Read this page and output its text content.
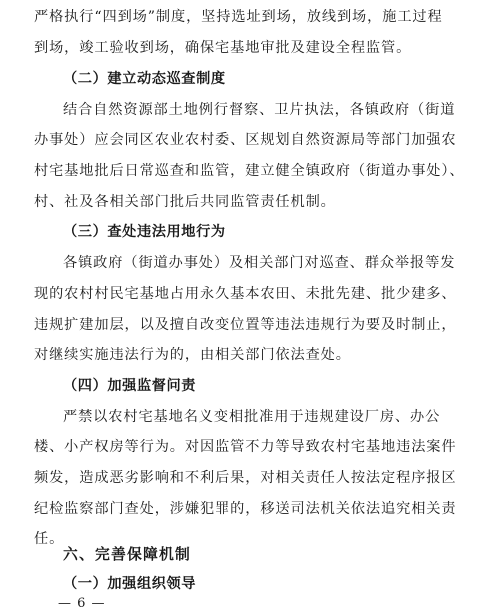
严格执行“四到场”制度，坚持选址到场，放线到场，施工过程
到场，竣工验收到场，确保宅基地审批及建设全程监管。
（二）建立动态巡查制度
结合自然资源部土地例行督察、卫片执法，各镇政府（街道
办事处）应会同区农业农村委、区规划自然资源局等部门加强农
村宅基地批后日常巡查和监管，建立健全镇政府（街道办事处）、
村、社及各相关部门批后共同监管责任机制。
（三）查处违法用地行为
各镇政府（街道办事处）及相关部门对巡查、群众举报等发
现的农村村民宅基地占用永久基本农田、未批先建、批少建多、
违规扩建加层，以及擅自改变位置等违法违规行为要及时制止，
对继续实施违法行为的，由相关部门依法查处。
（四）加强监督问责
严禁以农村宅基地名义变相批准用于违规建设厂房、办公
楼、小产权房等行为。对因监管不力等导致农村宅基地违法案件
频发，造成恶劣影响和不利后果，对相关责任人按法定程序报区
纪检监察部门查处，涉嫌犯罪的，移送司法机关依法追究相关责
任。
六、完善保障机制
— 6 —
（一）加强组织领导
